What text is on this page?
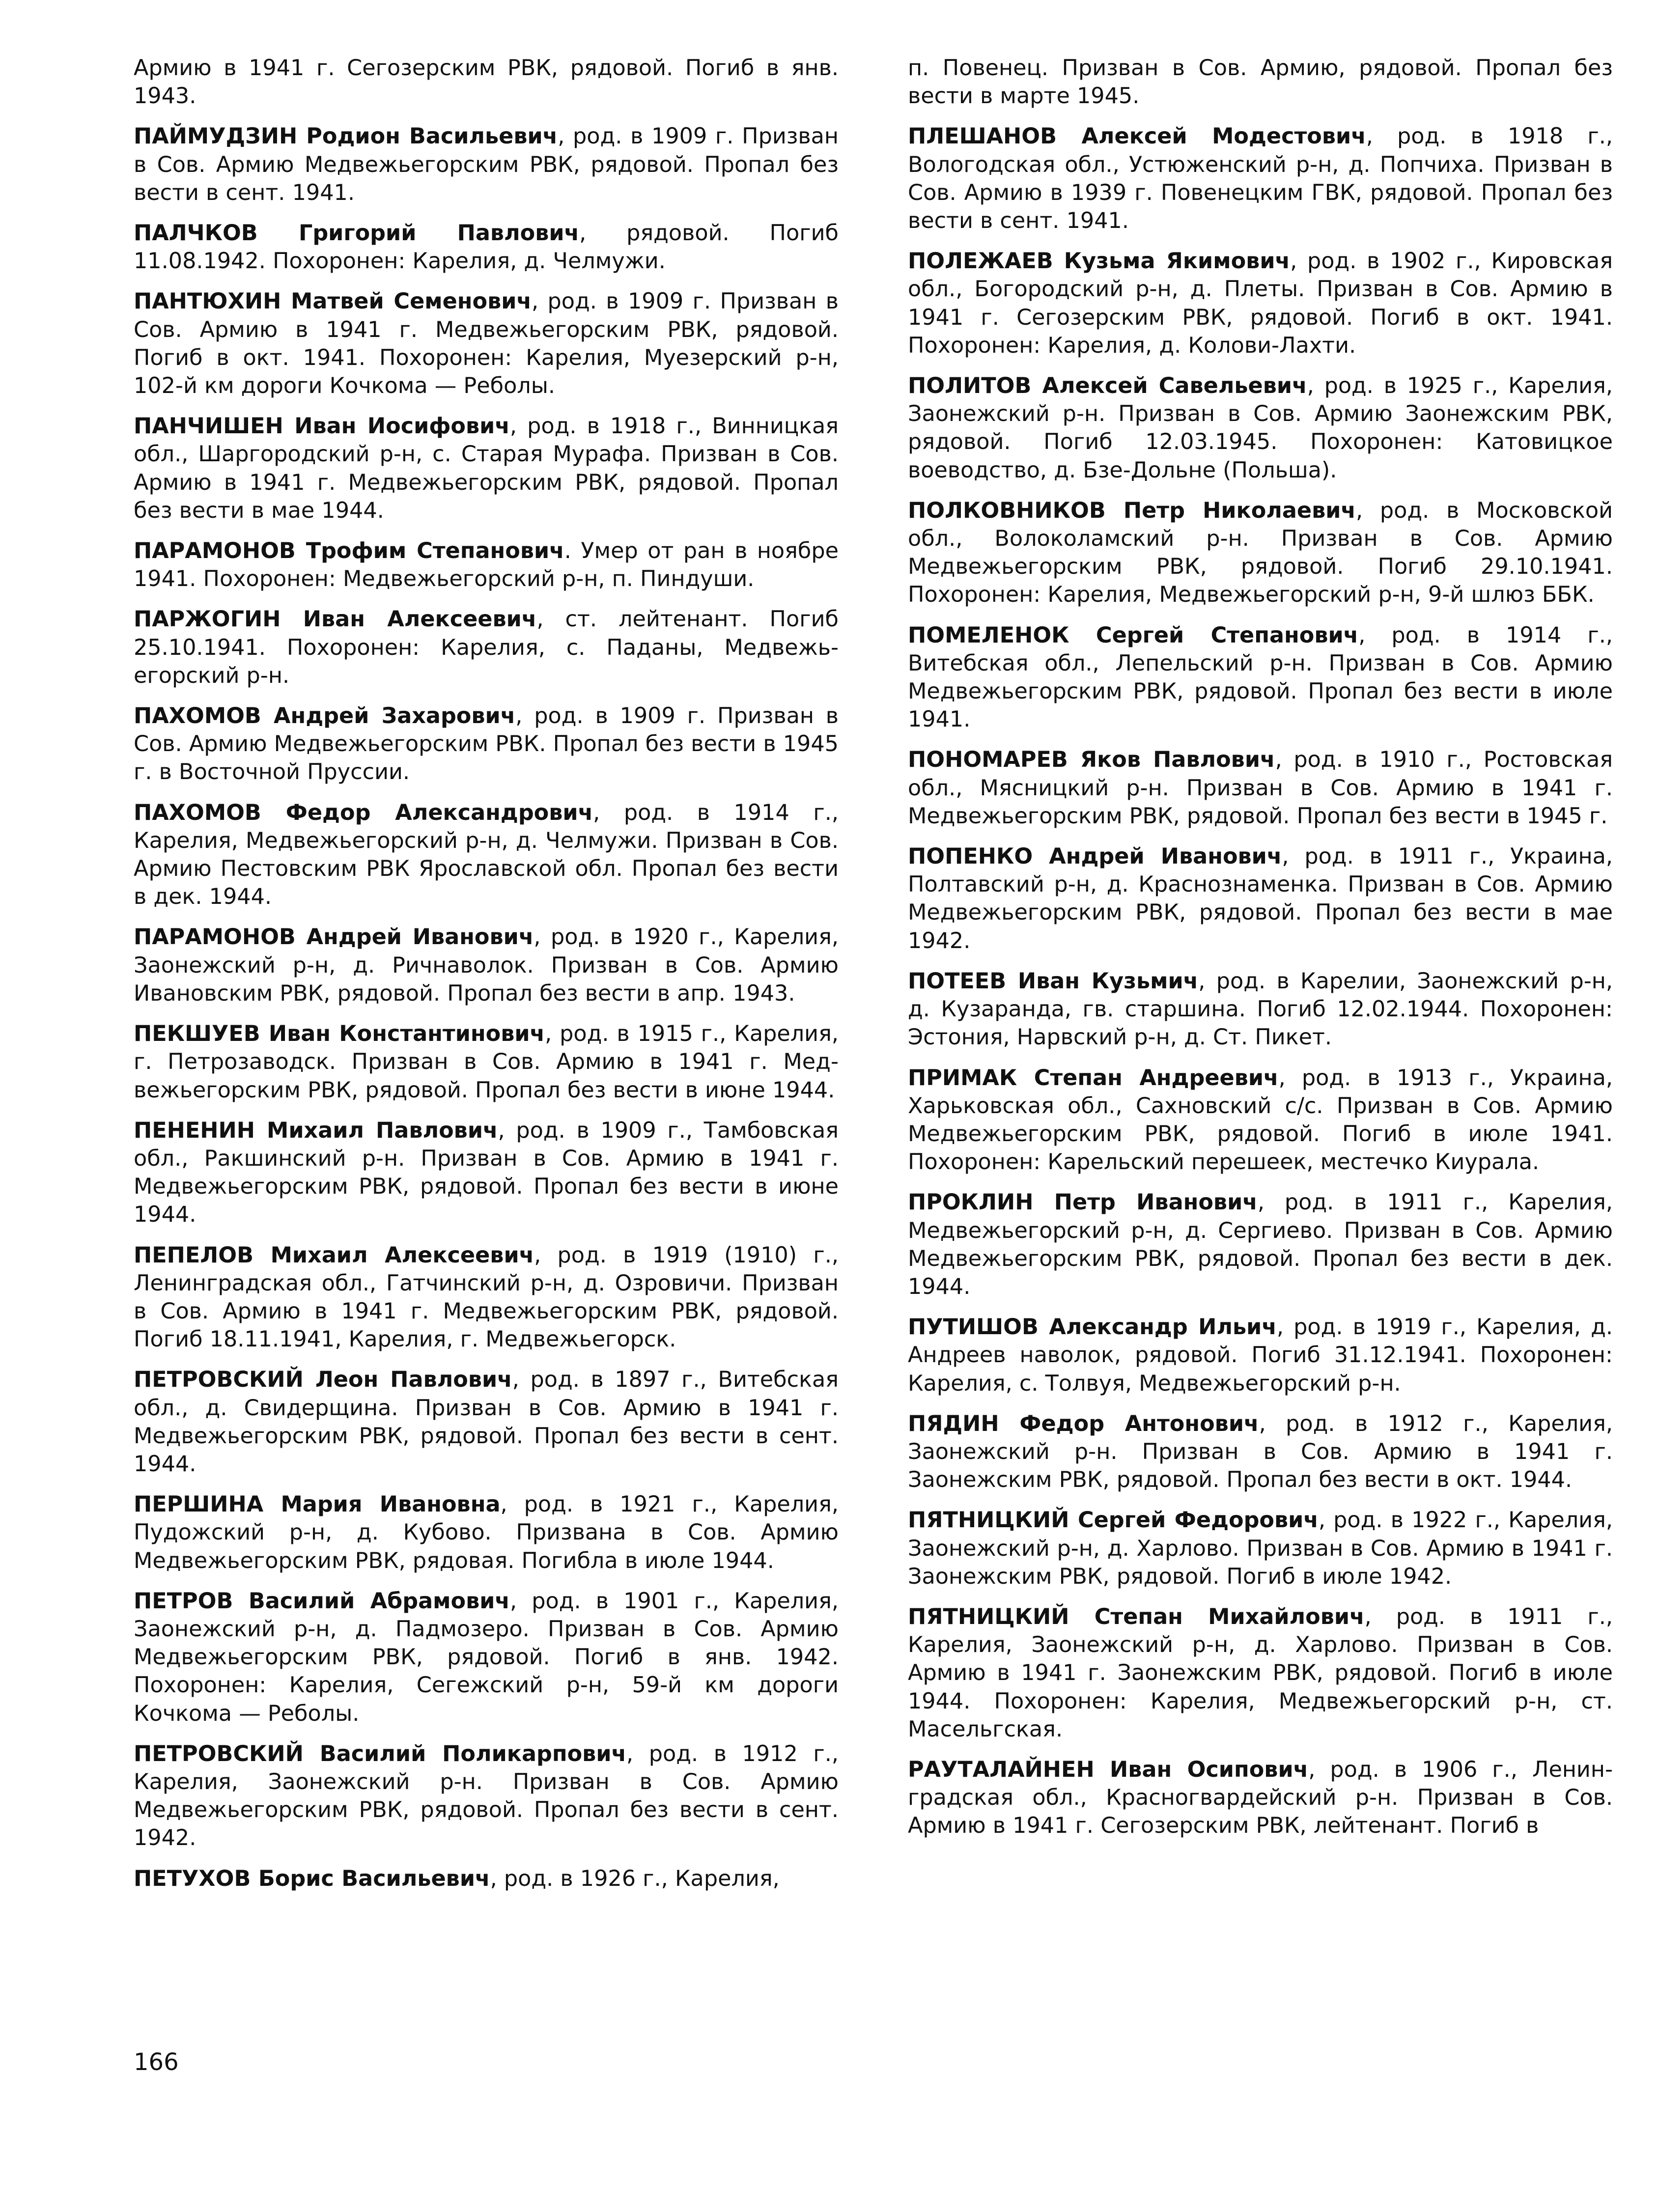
Армию в 1941 г. Сегозерским РВК, рядовой. Погиб в янв. 1943.

ПАЙМУДЗИН Родион Васильевич, род. в 1909 г. Призван в Сов. Армию Медвежьегорским РВК, рядовой. Пропал без вести в сент. 1941.

ПАЛЧКОВ Григорий Павлович, рядовой. Погиб 11.08.1942. Похоронен: Карелия, д. Челмужи.

ПАНТЮХИН Матвей Семенович, род. в 1909 г. Призван в Сов. Армию в 1941 г. Медвежьегорским РВК, рядовой. Погиб в окт. 1941. Похоронен: Карелия, Муезерский р-н, 102-й км дороги Кочкома — Реболы.

ПАНЧИШЕН Иван Иосифович, род. в 1918 г., Винницкая обл., Шаргородский р-н, с. Старая Мурафа. Призван в Сов. Армию в 1941 г. Медвежьегорским РВК, рядовой. Пропал без вести в мае 1944.

ПАРАМОНОВ Трофим Степанович. Умер от ран в ноябре 1941. Похоронен: Медвежьегорский р-н, п. Пиндуши.

ПАРЖОГИН Иван Алексеевич, ст. лейтенант. Погиб 25.10.1941. Похоронен: Карелия, с. Паданы, Медвежьегорский р-н.

ПАХОМОВ Андрей Захарович, род. в 1909 г. Призван в Сов. Армию Медвежьегорским РВК. Пропал без вести в 1945 г. в Восточной Пруссии.

ПАХОМОВ Федор Александрович, род. в 1914 г., Карелия, Медвежьегорский р-н, д. Челмужи. Призван в Сов. Армию Пестовским РВК Ярославской обл. Пропал без вести в дек. 1944.

ПАРАМОНОВ Андрей Иванович, род. в 1920 г., Карелия, Заонежский р-н, д. Ричнаволок. Призван в Сов. Армию Ивановским РВК, рядовой. Пропал без вести в апр. 1943.

ПЕКШУЕВ Иван Константинович, род. в 1915 г., Карелия, г. Петрозаводск. Призван в Сов. Армию в 1941 г. Медвежьегорским РВК, рядовой. Пропал без вести в июне 1944.

ПЕНЕНИН Михаил Павлович, род. в 1909 г., Тамбовская обл., Ракшинский р-н. Призван в Сов. Армию в 1941 г. Медвежьегорским РВК, рядовой. Пропал без вести в июне 1944.

ПЕПЕЛОВ Михаил Алексеевич, род. в 1919 (1910) г., Ленинградская обл., Гатчинский р-н, д. Озровичи. Призван в Сов. Армию в 1941 г. Медвежьегорским РВК, рядовой. Погиб 18.11.1941, Карелия, г. Медвежьегорск.

ПЕТРОВСКИЙ Леон Павлович, род. в 1897 г., Витебская обл., д. Свидерщина. Призван в Сов. Армию в 1941 г. Медвежьегорским РВК, рядовой. Пропал без вести в сент. 1944.

ПЕРШИНА Мария Ивановна, род. в 1921 г., Карелия, Пудожский р-н, д. Кубово. Призвана в Сов. Армию Медвежьегорским РВК, рядовая. Погибла в июле 1944.

ПЕТРОВ Василий Абрамович, род. в 1901 г., Карелия, Заонежский р-н, д. Падмозеро. Призван в Сов. Армию Медвежьегорским РВК, рядовой. Погиб в янв. 1942. Похоронен: Карелия, Сегежский р-н, 59-й км дороги Кочкома — Реболы.

ПЕТРОВСКИЙ Василий Поликарпович, род. в 1912 г., Карелия, Заонежский р-н. Призван в Сов. Армию Медвежьегорским РВК, рядовой. Пропал без вести в сент. 1942.

ПЕТУХОВ Борис Васильевич, род. в 1926 г., Карелия,

п. Повенец. Призван в Сов. Армию, рядовой. Пропал без вести в марте 1945.

ПЛЕШАНОВ Алексей Модестович, род. в 1918 г., Вологодская обл., Устюженский р-н, д. Попчиха. Призван в Сов. Армию в 1939 г. Повенецким ГВК, рядовой. Пропал без вести в сент. 1941.

ПОЛЕЖАЕВ Кузьма Якимович, род. в 1902 г., Кировская обл., Богородский р-н, д. Плеты. Призван в Сов. Армию в 1941 г. Сегозерским РВК, рядовой. Погиб в окт. 1941. Похоронен: Карелия, д. Колови-Лахти.

ПОЛИТОВ Алексей Савельевич, род. в 1925 г., Карелия, Заонежский р-н. Призван в Сов. Армию Заонежским РВК, рядовой. Погиб 12.03.1945. Похоронен: Катовицкое воеводство, д. Бзе-Дольне (Польша).

ПОЛКОВНИКОВ Петр Николаевич, род. в Московской обл., Волоколамский р-н. Призван в Сов. Армию Медвежьегорским РВК, рядовой. Погиб 29.10.1941. Похоронен: Карелия, Медвежьегорский р-н, 9-й шлюз ББК.

ПОМЕЛЕНОК Сергей Степанович, род. в 1914 г., Витебская обл., Лепельский р-н. Призван в Сов. Армию Медвежьегорским РВК, рядовой. Пропал без вести в июле 1941.

ПОНОМАРЕВ Яков Павлович, род. в 1910 г., Ростовская обл., Мясницкий р-н. Призван в Сов. Армию в 1941 г. Медвежьегорским РВК, рядовой. Пропал без вести в 1945 г.

ПОПЕНКО Андрей Иванович, род. в 1911 г., Украина, Полтавский р-н, д. Краснознаменка. Призван в Сов. Армию Медвежьегорским РВК, рядовой. Пропал без вести в мае 1942.

ПОТЕЕВ Иван Кузьмич, род. в Карелии, Заонежский р-н, д. Кузаранда, гв. старшина. Погиб 12.02.1944. Похоронен: Эстония, Нарвский р-н, д. Ст. Пикет.

ПРИМАК Степан Андреевич, род. в 1913 г., Украина, Харьковская обл., Сахновский с/с. Призван в Сов. Армию Медвежьегорским РВК, рядовой. Погиб в июле 1941. Похоронен: Карельский перешеек, местечко Киурала.

ПРОКЛИН Петр Иванович, род. в 1911 г., Карелия, Медвежьегорский р-н, д. Сергиево. Призван в Сов. Армию Медвежьегорским РВК, рядовой. Пропал без вести в дек. 1944.

ПУТИШОВ Александр Ильич, род. в 1919 г., Карелия, д. Андреев наволок, рядовой. Погиб 31.12.1941. Похоронен: Карелия, с. Толвуя, Медвежьегорский р-н.

ПЯДИН Федор Антонович, род. в 1912 г., Карелия, Заонежский р-н. Призван в Сов. Армию в 1941 г. Заонежским РВК, рядовой. Пропал без вести в окт. 1944.

ПЯТНИЦКИЙ Сергей Федорович, род. в 1922 г., Карелия, Заонежский р-н, д. Харлово. Призван в Сов. Армию в 1941 г. Заонежским РВК, рядовой. Погиб в июле 1942.

ПЯТНИЦКИЙ Степан Михайлович, род. в 1911 г., Карелия, Заонежский р-н, д. Харлово. Призван в Сов. Армию в 1941 г. Заонежским РВК, рядовой. Погиб в июле 1944. Похоронен: Карелия, Медвежьегорский р-н, ст. Масельгская.

РАУТАЛАЙНЕН Иван Осипович, род. в 1906 г., Ленинградская обл., Красногвардейский р-н. Призван в Сов. Армию в 1941 г. Сегозерским РВК, лейтенант. Погиб в

166
